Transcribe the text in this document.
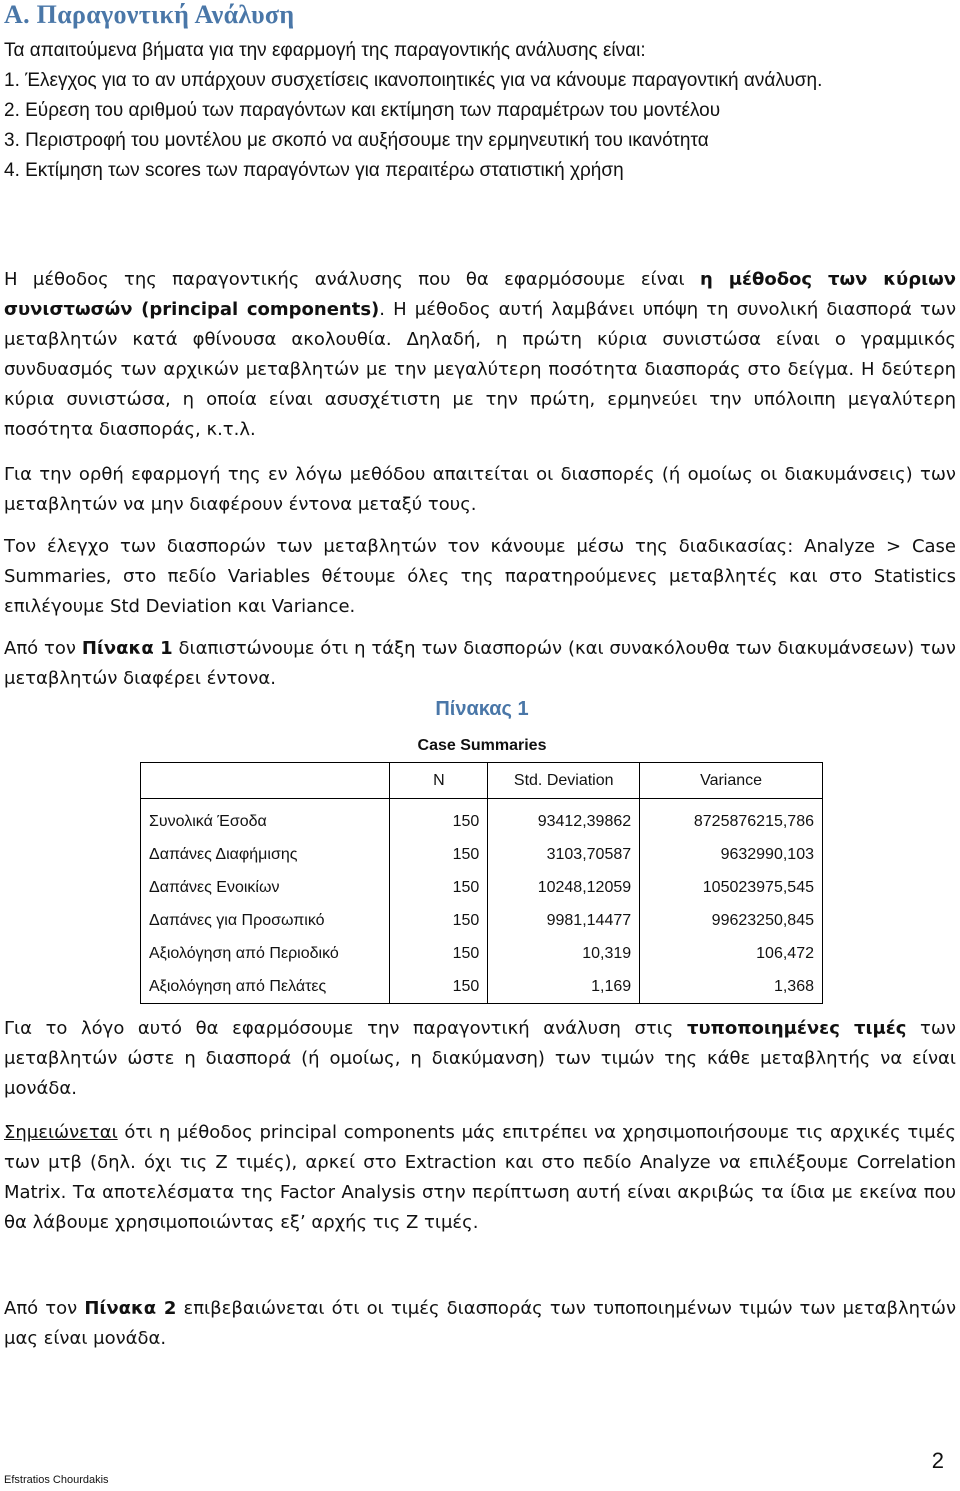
Α. Παραγοντική Ανάλυση
Τα απαιτούμενα βήματα για την εφαρμογή της παραγοντικής ανάλυσης είναι:
1. Έλεγχος για το αν υπάρχουν συσχετίσεις ικανοποιητικές για να κάνουμε παραγοντική ανάλυση.
2. Εύρεση του αριθμού των παραγόντων και εκτίμηση των παραμέτρων του μοντέλου
3. Περιστροφή του μοντέλου με σκοπό να αυξήσουμε την ερμηνευτική του ικανότητα
4. Εκτίμηση των scores των παραγόντων για περαιτέρω στατιστική χρήση

Η μέθοδος της παραγοντικής ανάλυσης που θα εφαρμόσουμε είναι η μέθοδος των κύριων συνιστωσών (principal components). Η μέθοδος αυτή λαμβάνει υπόψη τη συνολική διασπορά των μεταβλητών κατά φθίνουσα ακολουθία. Δηλαδή, η πρώτη κύρια συνιστώσα είναι ο γραμμικός συνδυασμός των αρχικών μεταβλητών με την μεγαλύτερη ποσότητα διασποράς στο δείγμα. Η δεύτερη κύρια συνιστώσα, η οποία είναι ασυσχέτιστη με την πρώτη, ερμηνεύει την υπόλοιπη μεγαλύτερη ποσότητα διασποράς, κ.τ.λ.

Για την ορθή εφαρμογή της εν λόγω μεθόδου απαιτείται οι διασπορές (ή ομοίως οι διακυμάνσεις) των μεταβλητών να μην διαφέρουν έντονα μεταξύ τους.

Τον έλεγχο των διασπορών των μεταβλητών τον κάνουμε μέσω της διαδικασίας: Analyze > Case Summaries, στο πεδίο Variables θέτουμε όλες της παρατηρούμενες μεταβλητές και στο Statistics επιλέγουμε Std Deviation και Variance.

Από τον Πίνακα 1 διαπιστώνουμε ότι η τάξη των διασπορών (και συνακόλουθα των διακυμάνσεων) των μεταβλητών διαφέρει έντονα.

Πίνακας 1
Case Summaries
	N	Std. Deviation	Variance
Συνολικά Έσοδα	150	93412,39862	8725876215,786
Δαπάνες Διαφήμισης	150	3103,70587	9632990,103
Δαπάνες Ενοικίων	150	10248,12059	105023975,545
Δαπάνες για Προσωπικό	150	9981,14477	99623250,845
Αξιολόγηση από Περιοδικό	150	10,319	106,472
Αξιολόγηση από Πελάτες	150	1,169	1,368

Για το λόγο αυτό θα εφαρμόσουμε την παραγοντική ανάλυση στις τυποποιημένες τιμές των μεταβλητών ώστε η διασπορά (ή ομοίως, η διακύμανση) των τιμών της κάθε μεταβλητής να είναι μονάδα.

Σημειώνεται ότι η μέθοδος principal components μάς επιτρέπει να χρησιμοποιήσουμε τις αρχικές τιμές των μτβ (δηλ. όχι τις Z τιμές), αρκεί στο Extraction και στο πεδίο Analyze να επιλέξουμε Correlation Matrix. Τα αποτελέσματα της Factor Analysis στην περίπτωση αυτή είναι ακριβώς τα ίδια με εκείνα που θα λάβουμε χρησιμοποιώντας εξ’ αρχής τις Z τιμές.

Από τον Πίνακα 2 επιβεβαιώνεται ότι οι τιμές διασποράς των τυποποιημένων τιμών των μεταβλητών μας είναι μονάδα.

2
Efstratios Chourdakis
